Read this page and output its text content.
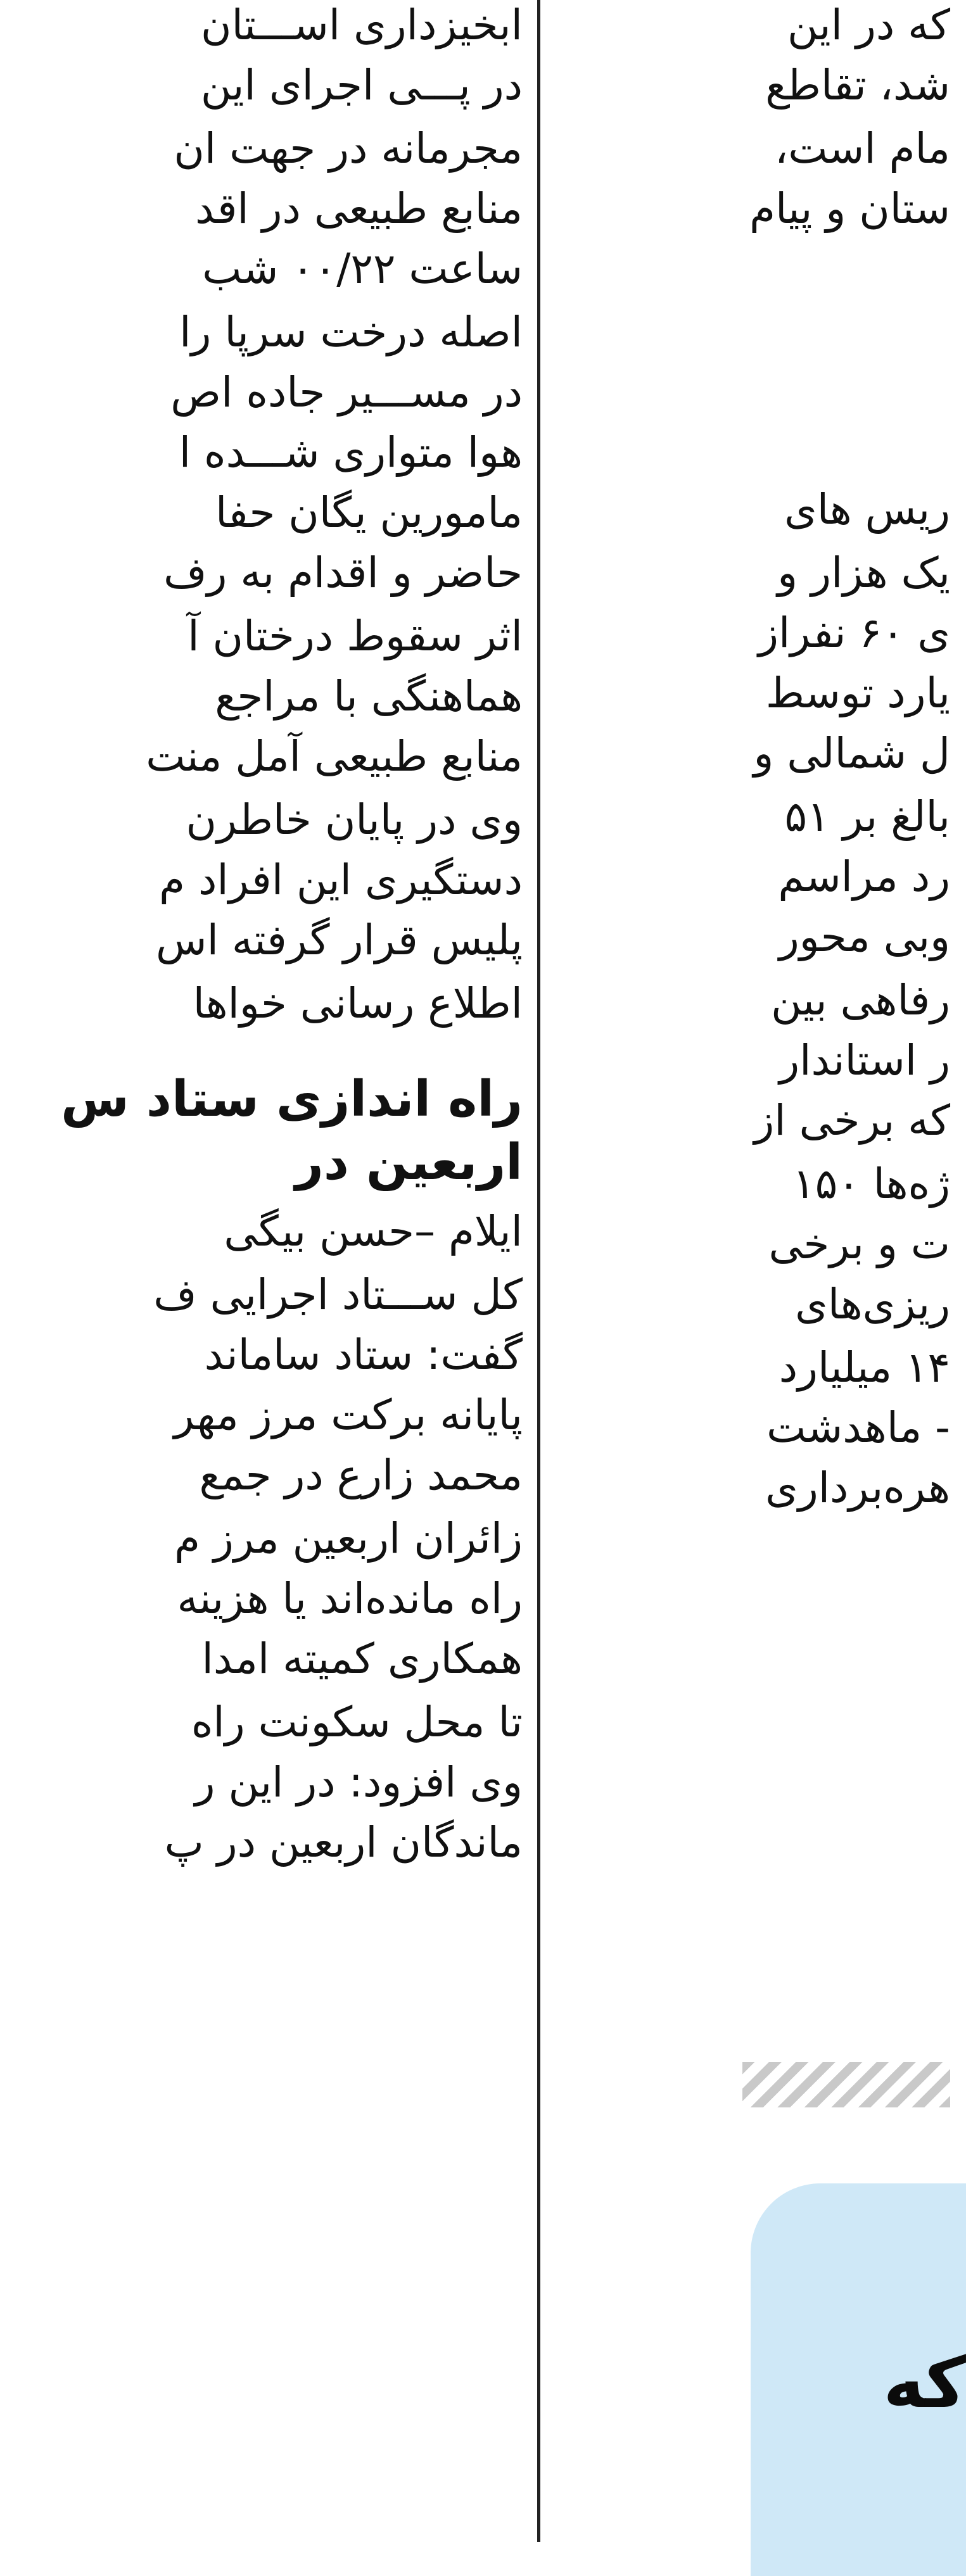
ابخیزداری اســـتان
در پـــی اجرای این
مجرمانه در جهت ان
منابع طبیعی در اقد
ساعت ۰۰/۲۲ شب
اصله درخت سرپا را
در مســـیر جاده اص
هوا متواری شـــده ا
مامورین یگان حفا
حاضر و اقدام به رف
اثر سقوط درختان آ
هماهنگی با مراجع
منابع طبیعی آمل منت
وی در پایان خاطرن
دستگیری این افراد م
پلیس قرار گرفته اس
اطلاع رسانی خواها
راه اندازی ستاد س
اربعین در
ایلام –حسن بیگی
کل ســـتاد اجرایی ف
گفت: ستاد ساماند
پایانه برکت مرز مهر
محمد زارع در جمع
زائران اربعین مرز م
راه مانده‌اند یا هزینه
همکاری کمیته امدا
تا محل سکونت راه
وی افزود: در این ر
ماندگان اربعین در پ
که در این
شد، تقاطع
مام است،
ستان و پیام
ریس های
یک هزار و
ی ۶۰ نفراز
یارد توسط
ل شمالی و
بالغ بر ۵۱
رد مراسم
وبی محور
رفاهی بین
ر استاندار
که برخی از
ژه‌ها ۱۵۰
ت و برخی
ریزی‌های
۱۴ میلیارد
- ماهدشت
هره‌برداری
که
